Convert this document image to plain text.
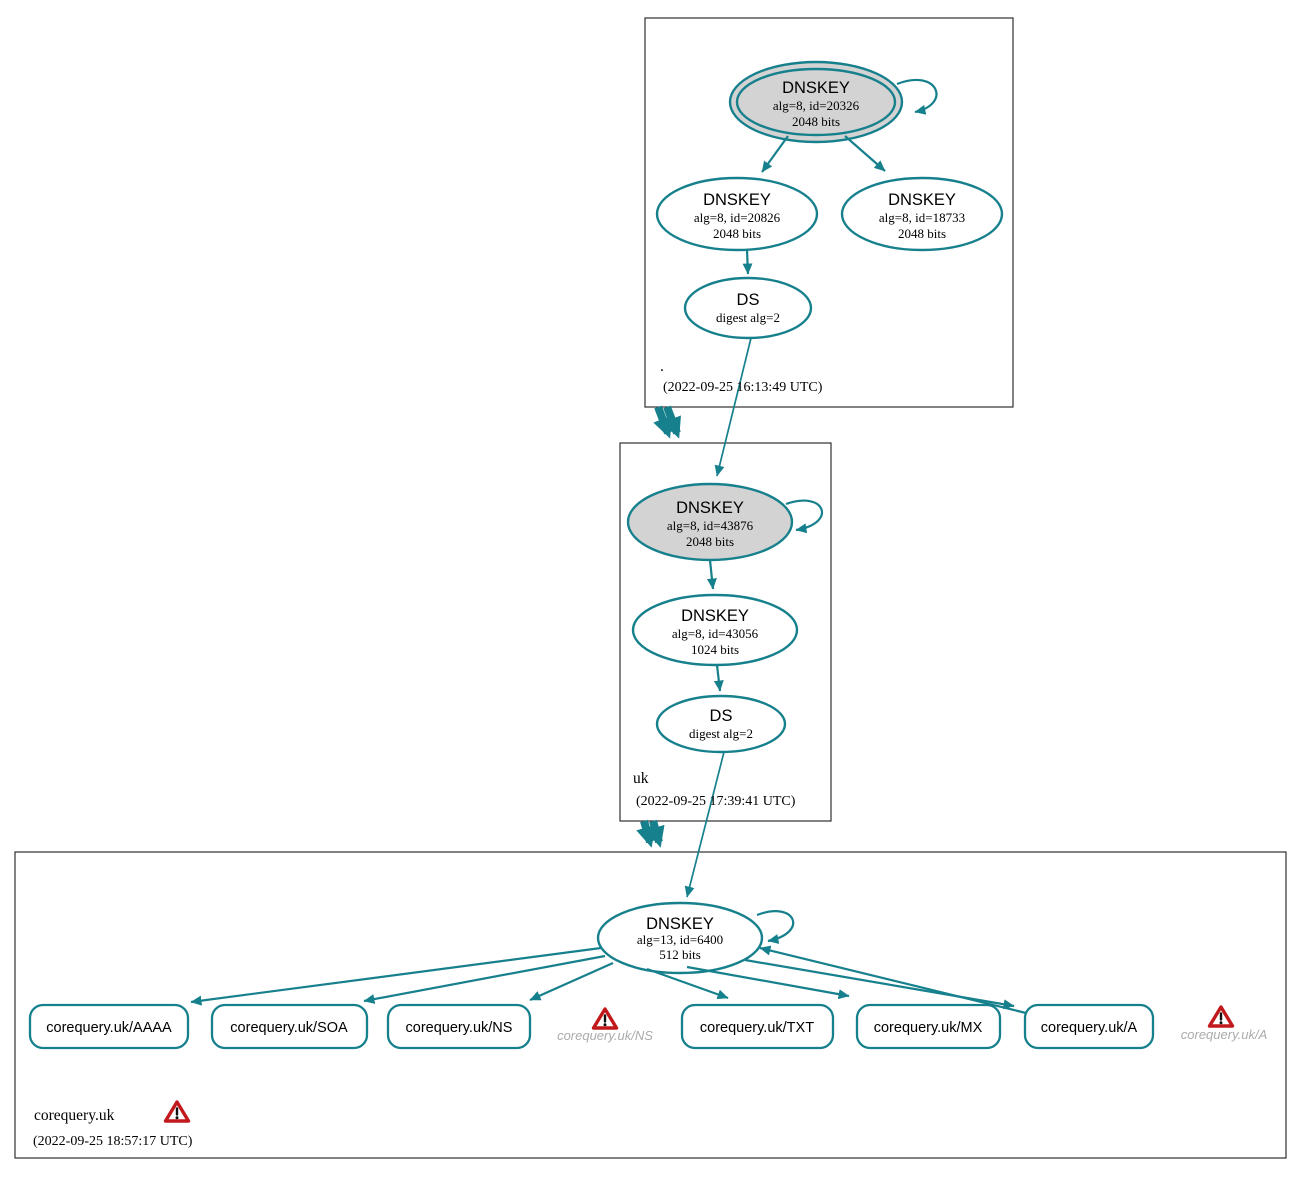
DNSKEY
alg=8, id=20326
2048 bits
DNSKEY
alg=8, id=20826
2048 bits
DNSKEY
alg=8, id=18733
2048 bits
DS
digest alg=2
.
(2022-09-25 16:13:49 UTC)
DNSKEY
alg=8, id=43876
2048 bits
DNSKEY
alg=8, id=43056
1024 bits
DS
digest alg=2
uk
(2022-09-25 17:39:41 UTC)
DNSKEY
alg=13, id=6400
512 bits
corequery.uk/AAAA	corequery.uk/SOA	corequery.uk/NS	corequery.uk/TXT	corequery.uk/MX	corequery.uk/A
corequery.uk/NS	corequery.uk/A
corequery.uk
(2022-09-25 18:57:17 UTC)
